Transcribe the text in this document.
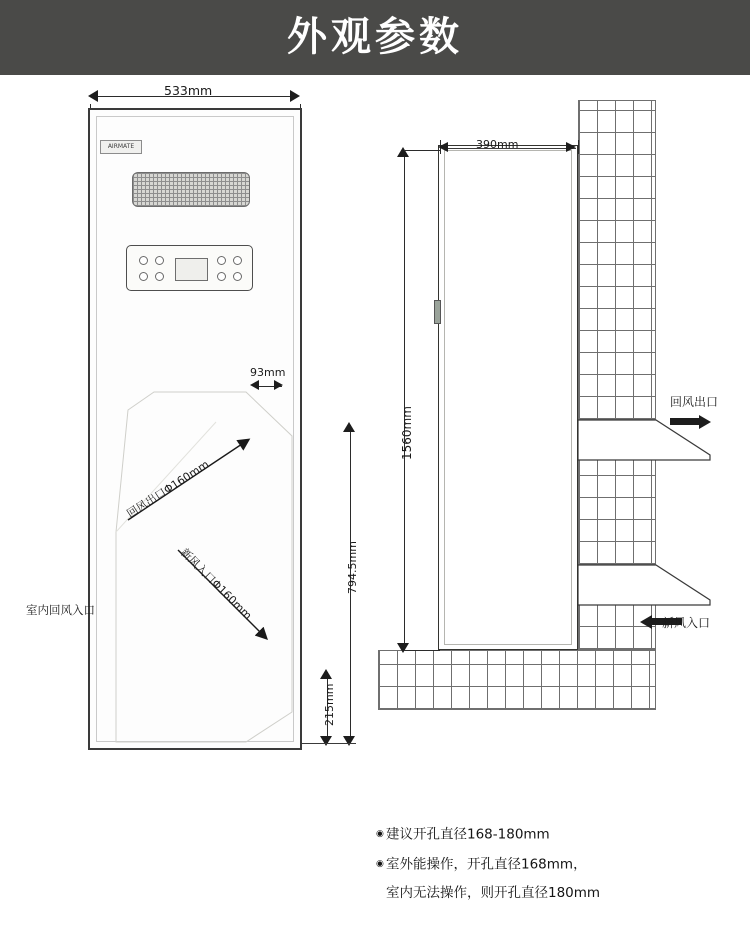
外观参数
533mm
AIRMATE
93mm
回风出口Φ160mm
新风入口Φ160mm
室内回风入口
794.5mm
215mm
390mm
1560mm
回风出口
新风入口
◉ 建议开孔直径168-180mm
◉ 室外能操作，开孔直径168mm，
室内无法操作，则开孔直径180mm
